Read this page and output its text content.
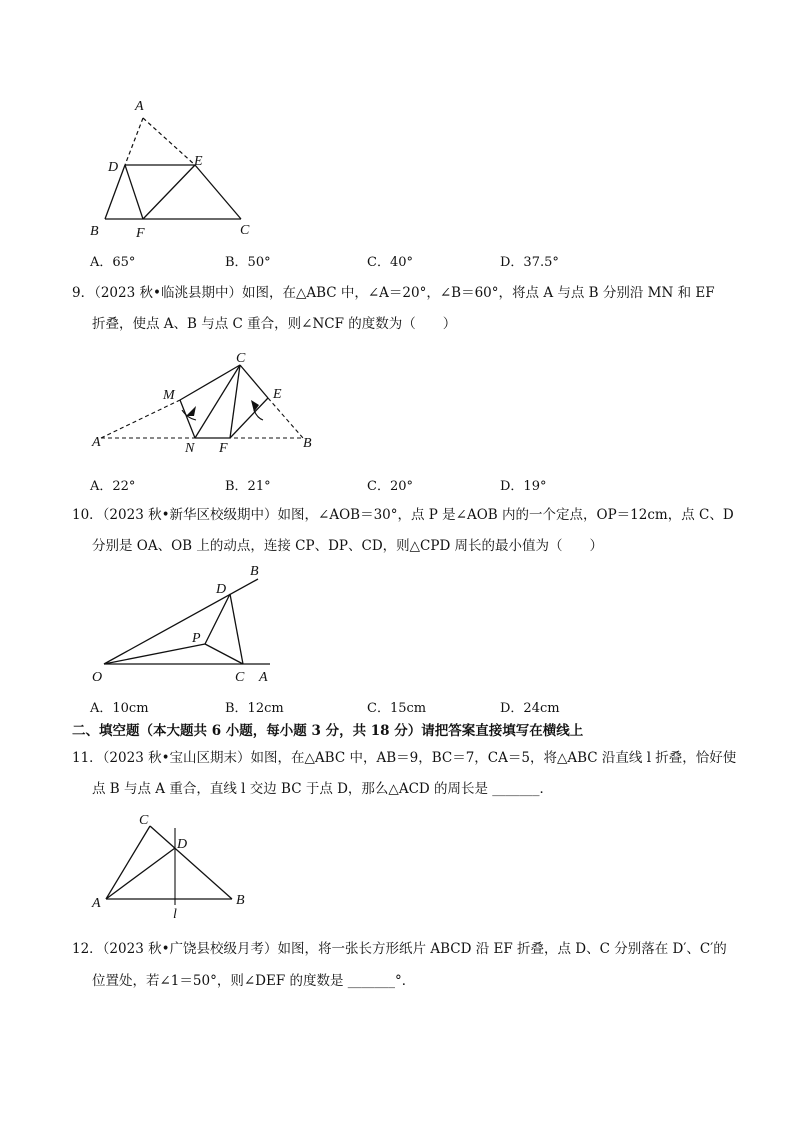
A
D	E
B	F	C
A．65°	B．50°	C．40°	D．37.5°
9．（2023 秋•临洮县期中）如图，在△ABC 中，∠A＝20°，∠B＝60°，将点 A 与点 B 分别沿 MN 和 EF
折叠，使点 A、B 与点 C 重合，则∠NCF 的度数为（　　）
C
M	E
A	N F	B
A．22°	B．21°	C．20°	D．19°
10．（2023 秋•新华区校级期中）如图，∠AOB＝30°，点 P 是∠AOB 内的一个定点，OP＝12cm，点 C、D
分别是 OA、OB 上的动点，连接 CP、DP、CD，则△CPD 周长的最小值为（　　）
B
D
P
O	C A
A．10cm	B．12cm	C．15cm	D．24cm
二、填空题（本大题共 6 小题，每小题 3 分，共 18 分）请把答案直接填写在横线上
11．（2023 秋•宝山区期末）如图，在△ABC 中，AB＝9，BC＝7，CA＝5，将△ABC 沿直线 l 折叠，恰好使
点 B 与点 A 重合，直线 l 交边 BC 于点 D，那么△ACD 的周长是 _______．
C
D
A	B
l
12．（2023 秋•广饶县校级月考）如图，将一张长方形纸片 ABCD 沿 EF 折叠，点 D、C 分别落在 D′、C′的
位置处，若∠1＝50°，则∠DEF 的度数是 _______°．
